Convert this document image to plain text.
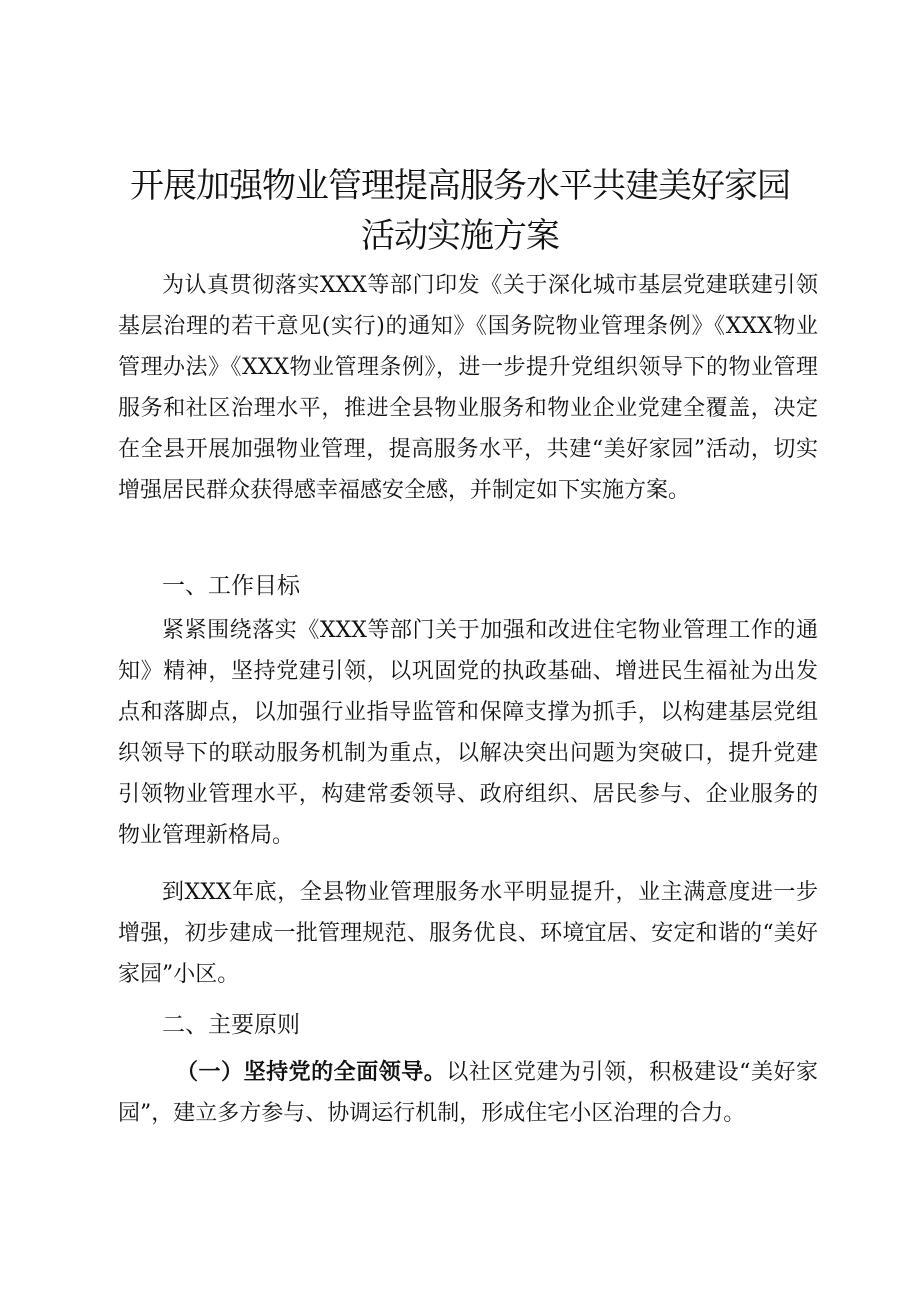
开展加强物业管理提高服务水平共建美好家园
活动实施方案
为认真贯彻落实XXX等部门印发《关于深化城市基层党建联建引领基层治理的若干意见(实行)的通知》《国务院物业管理条例》《XXX物业管理办法》《XXX物业管理条例》，进一步提升党组织领导下的物业管理服务和社区治理水平，推进全县物业服务和物业企业党建全覆盖，决定在全县开展加强物业管理，提高服务水平，共建“美好家园”活动，切实增强居民群众获得感幸福感安全感，并制定如下实施方案。
一、工作目标
紧紧围绕落实《XXX等部门关于加强和改进住宅物业管理工作的通知》精神，坚持党建引领，以巩固党的执政基础、增进民生福祉为出发点和落脚点，以加强行业指导监管和保障支撑为抓手，以构建基层党组织领导下的联动服务机制为重点，以解决突出问题为突破口，提升党建引领物业管理水平，构建常委领导、政府组织、居民参与、企业服务的物业管理新格局。
到XXX年底，全县物业管理服务水平明显提升，业主满意度进一步增强，初步建成一批管理规范、服务优良、环境宜居、安定和谐的“美好家园”小区。
二、主要原则
（一）坚持党的全面领导。以社区党建为引领，积极建设“美好家园”，建立多方参与、协调运行机制，形成住宅小区治理的合力。
